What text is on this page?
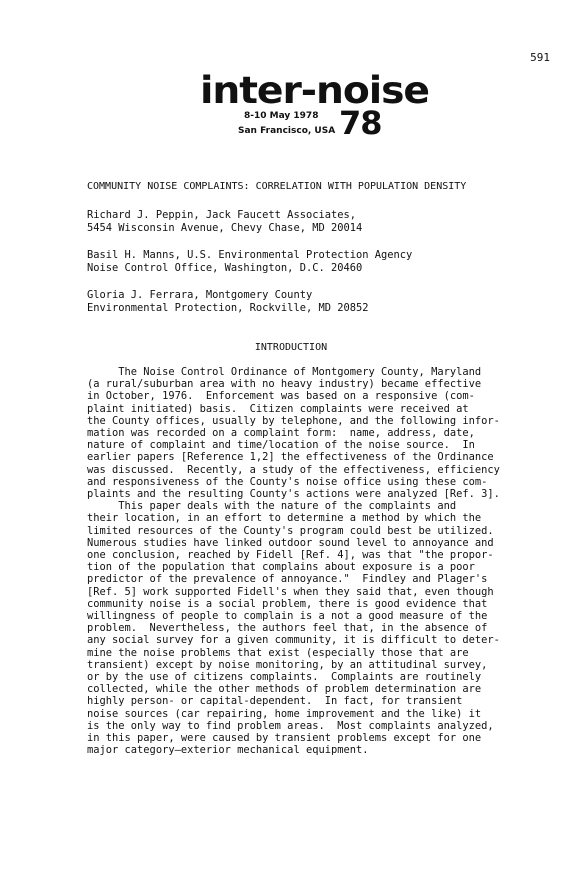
591
inter-noise
8-10 May 1978
San Francisco, USA 78
COMMUNITY NOISE COMPLAINTS: CORRELATION WITH POPULATION DENSITY
Richard J. Peppin, Jack Faucett Associates,
5454 Wisconsin Avenue, Chevy Chase, MD 20014
Basil H. Manns, U.S. Environmental Protection Agency
Noise Control Office, Washington, D.C. 20460
Gloria J. Ferrara, Montgomery County
Environmental Protection, Rockville, MD 20852
INTRODUCTION
The Noise Control Ordinance of Montgomery County, Maryland
(a rural/suburban area with no heavy industry) became effective
in October, 1976.  Enforcement was based on a responsive (com-
plaint initiated) basis.  Citizen complaints were received at
the County offices, usually by telephone, and the following infor-
mation was recorded on a complaint form:  name, address, date,
nature of complaint and time/location of the noise source.  In
earlier papers [Reference 1,2] the effectiveness of the Ordinance
was discussed.  Recently, a study of the effectiveness, efficiency
and responsiveness of the County's noise office using these com-
plaints and the resulting County's actions were analyzed [Ref. 3].
This paper deals with the nature of the complaints and
their location, in an effort to determine a method by which the
limited resources of the County's program could best be utilized.
Numerous studies have linked outdoor sound level to annoyance and
one conclusion, reached by Fidell [Ref. 4], was that "the propor-
tion of the population that complains about exposure is a poor
predictor of the prevalence of annoyance."  Findley and Plager's
[Ref. 5] work supported Fidell's when they said that, even though
community noise is a social problem, there is good evidence that
willingness of people to complain is a not a good measure of the
problem.  Nevertheless, the authors feel that, in the absence of
any social survey for a given community, it is difficult to deter-
mine the noise problems that exist (especially those that are
transient) except by noise monitoring, by an attitudinal survey,
or by the use of citizens complaints.  Complaints are routinely
collected, while the other methods of problem determination are
highly person- or capital-dependent.  In fact, for transient
noise sources (car repairing, home improvement and the like) it
is the only way to find problem areas.  Most complaints analyzed,
in this paper, were caused by transient problems except for one
major category—exterior mechanical equipment.
